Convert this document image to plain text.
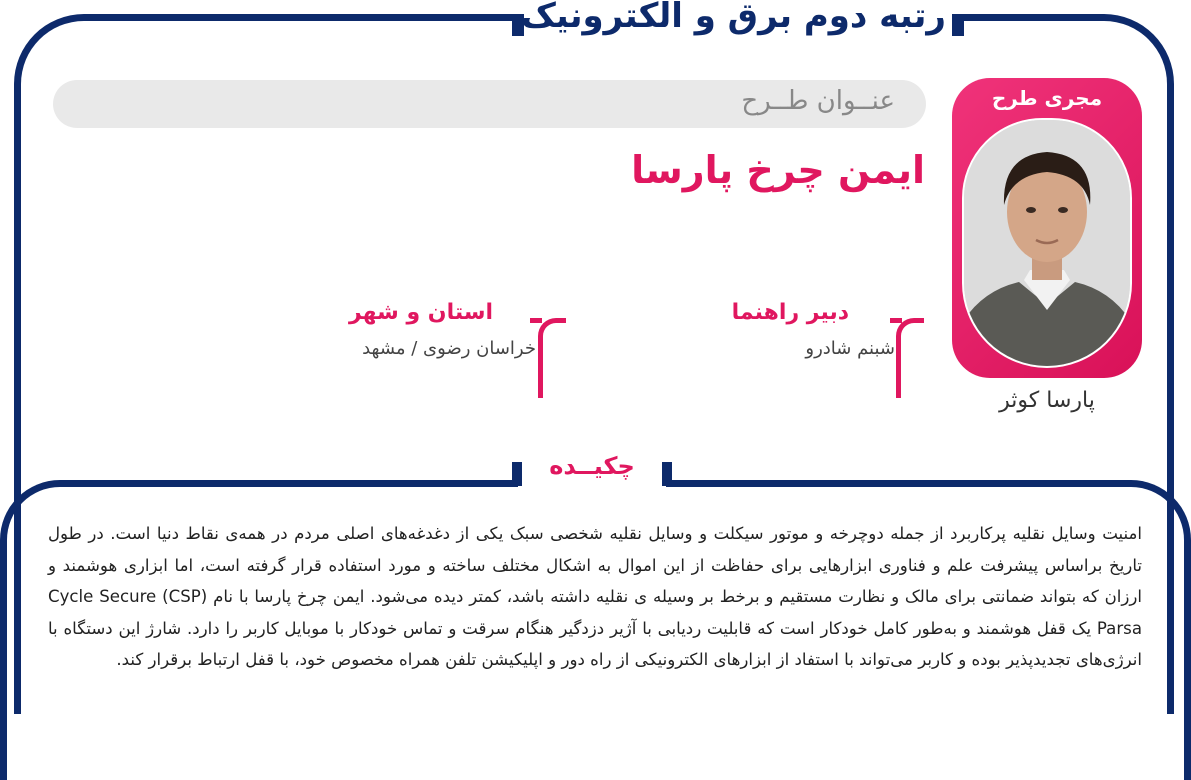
رتبه دوم برق و الکترونیک
عنــوان طــرح
ایمن چرخ پارسا
مجری طرح
پارسا کوثر
دبیر راهنما
شبنم شادرو
استان و شهر
خراسان رضوی / مشهد
چکیــده
امنیت وسایل نقلیه پرکاربرد از جمله دوچرخه و موتور سیکلت و وسایل نقلیه شخصی سبک یکی از دغدغه‌های اصلی مردم در همه‌ی نقاط دنیا است. در طول تاریخ براساس پیشرفت علم و فناوری ابزارهایی برای حفاظت از این اموال به اشکال مختلف ساخته و مورد استفاده قرار گرفته است، اما ابزاری هوشمند و ارزان که بتواند ضمانتی برای مالک و نظارت مستقیم و برخط بر وسیله ی نقلیه داشته باشد، کمتر دیده می‌شود. ایمن چرخ پارسا با نام (CSP) Cycle Secure Parsa یک قفل هوشمند و به‌طور کامل خودکار است که قابلیت ردیابی با آژیر دزدگیر هنگام سرقت و تماس خودکار با موبایل کاربر را دارد. شارژ این دستگاه با انرژی‌های تجدیدپذیر بوده و کاربر می‌تواند با استفاد از ابزارهای الکترونیکی از راه دور و اپلیکیشن تلفن همراه مخصوص خود، با قفل ارتباط برقرار کند.
